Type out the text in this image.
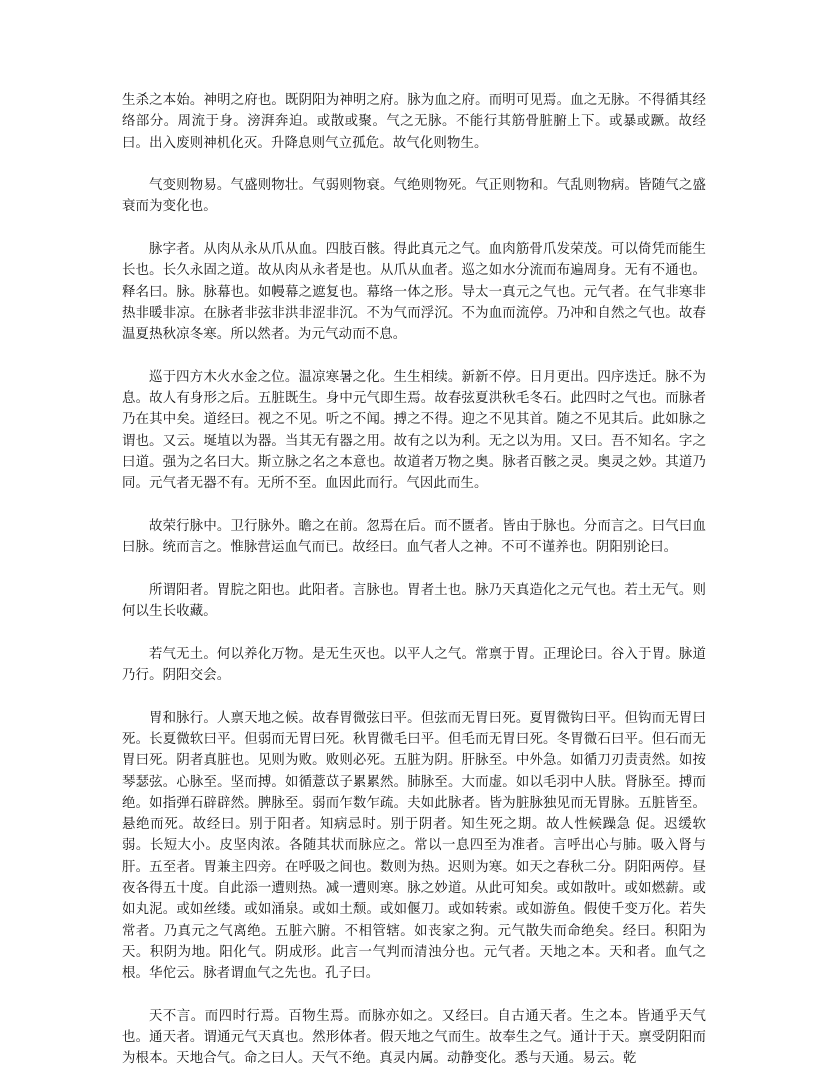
生杀之本始。神明之府也。既阴阳为神明之府。脉为血之府。而明可见焉。血之无脉。不得循其经络部分。周流于身。滂湃奔迫。或散或聚。气之无脉。不能行其筋骨脏腑上下。或暴或蹶。故经曰。出入废则神机化灭。升降息则气立孤危。故气化则物生。

气变则物易。气盛则物壮。气弱则物衰。气绝则物死。气正则物和。气乱则物病。皆随气之盛衰而为变化也。

脉字者。从肉从永从爪从血。四肢百骸。得此真元之气。血肉筋骨爪发荣茂。可以倚凭而能生长也。长久永固之道。故从肉从永者是也。从爪从血者。巡之如水分流而布遍周身。无有不通也。释名曰。脉。脉幕也。如幔幕之遮复也。幕络一体之形。导太一真元之气也。元气者。在气非寒非热非暖非凉。在脉者非弦非洪非涩非沉。不为气而浮沉。不为血而流停。乃冲和自然之气也。故春温夏热秋凉冬寒。所以然者。为元气动而不息。

巡于四方木火水金之位。温凉寒暑之化。生生相续。新新不停。日月更出。四序迭迁。脉不为息。故人有身形之后。五脏既生。身中元气即生焉。故春弦夏洪秋毛冬石。此四时之气也。而脉者乃在其中矣。道经曰。视之不见。听之不闻。搏之不得。迎之不见其首。随之不见其后。此如脉之谓也。又云。埏埴以为器。当其无有器之用。故有之以为利。无之以为用。又曰。吾不知名。字之曰道。强为之名曰大。斯立脉之名之本意也。故道者万物之奥。脉者百骸之灵。奥灵之妙。其道乃同。元气者无器不有。无所不至。血因此而行。气因此而生。

故荣行脉中。卫行脉外。瞻之在前。忽焉在后。而不匮者。皆由于脉也。分而言之。曰气曰血曰脉。统而言之。惟脉营运血气而已。故经曰。血气者人之神。不可不谨养也。阴阳别论曰。

所谓阳者。胃脘之阳也。此阳者。言脉也。胃者土也。脉乃天真造化之元气也。若土无气。则何以生长收藏。

若气无土。何以养化万物。是无生灭也。以平人之气。常禀于胃。正理论曰。谷入于胃。脉道乃行。阴阳交会。

胃和脉行。人禀天地之候。故春胃微弦曰平。但弦而无胃曰死。夏胃微钩曰平。但钩而无胃曰死。长夏微软曰平。但弱而无胃曰死。秋胃微毛曰平。但毛而无胃曰死。冬胃微石曰平。但石而无胃曰死。阴者真脏也。见则为败。败则必死。五脏为阴。肝脉至。中外急。如循刀刃责责然。如按琴瑟弦。心脉至。坚而搏。如循薏苡子累累然。肺脉至。大而虚。如以毛羽中人肤。肾脉至。搏而绝。如指弹石辟辟然。脾脉至。弱而乍数乍疏。夫如此脉者。皆为脏脉独见而无胃脉。五脏皆至。悬绝而死。故经曰。别于阳者。知病忌时。别于阴者。知生死之期。故人性候躁急 促。迟缓软弱。长短大小。皮坚肉浓。各随其状而脉应之。常以一息四至为准者。言呼出心与肺。吸入肾与肝。五至者。胃兼主四旁。在呼吸之间也。数则为热。迟则为寒。如天之春秋二分。阴阳两停。昼夜各得五十度。自此添一遭则热。减一遭则寒。脉之妙道。从此可知矣。或如散叶。或如燃薪。或如丸泥。或如丝缕。或如涌泉。或如土颓。或如偃刀。或如转索。或如游鱼。假使千变万化。若失常者。乃真元之气离绝。五脏六腑。不相管辖。如丧家之狗。元气散失而命绝矣。经曰。积阳为天。积阴为地。阳化气。阴成形。此言一气判而清浊分也。元气者。天地之本。天和者。血气之根。华佗云。脉者谓血气之先也。孔子曰。

天不言。而四时行焉。百物生焉。而脉亦如之。又经曰。自古通天者。生之本。皆通乎天气也。通天者。谓通元气天真也。然形体者。假天地之气而生。故奉生之气。通计于天。禀受阴阳而为根本。天地合气。命之曰人。天气不绝。真灵内属。动静变化。悉与天通。易云。乾
